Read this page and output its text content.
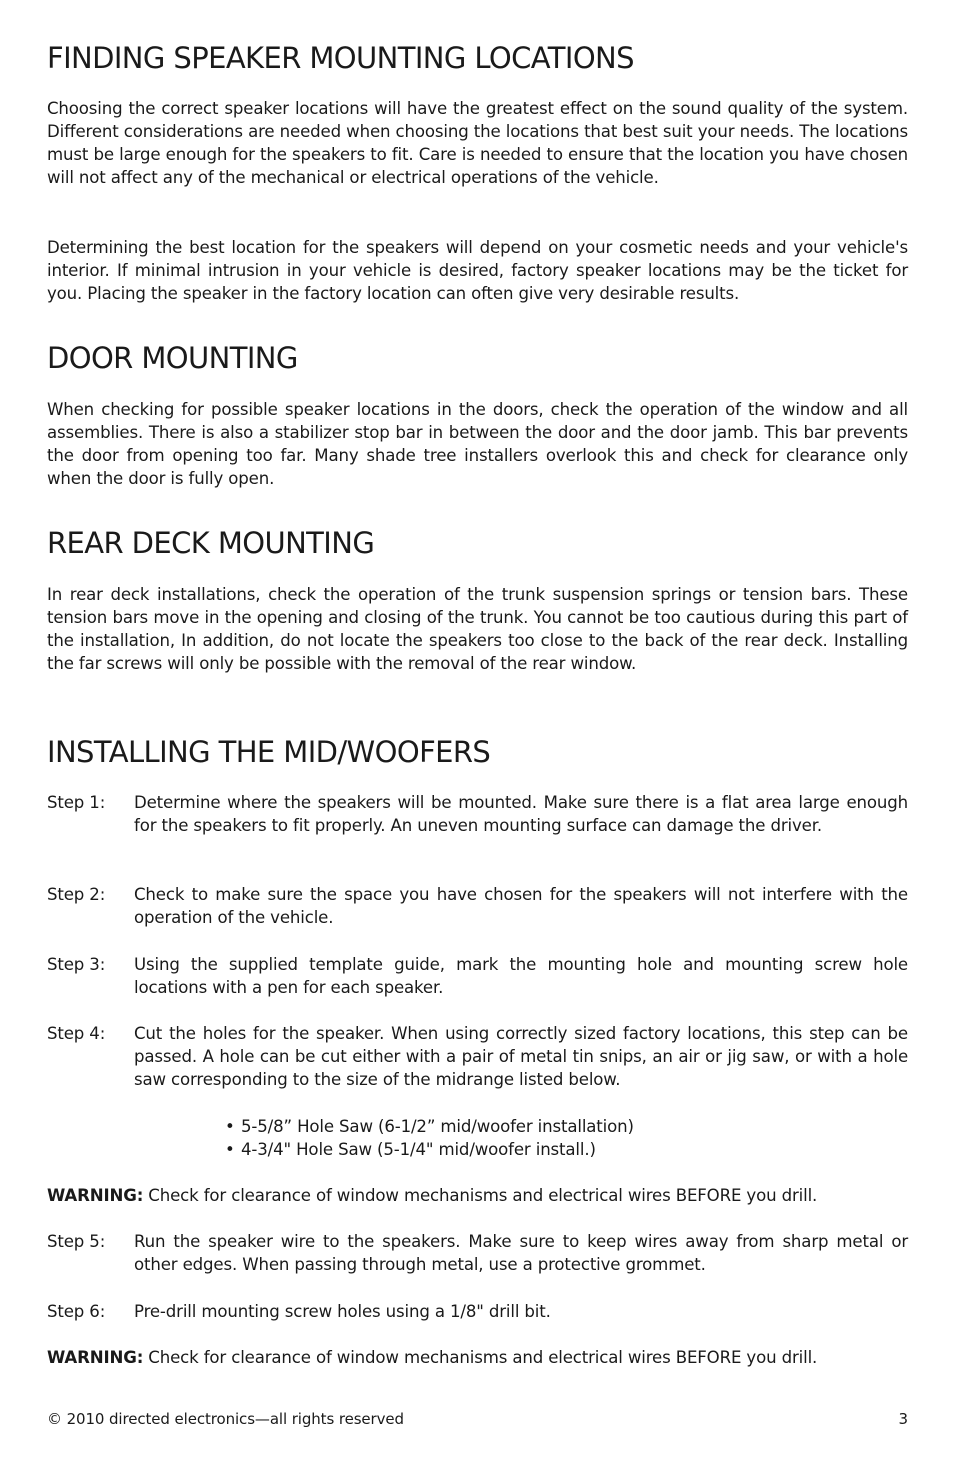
FINDING SPEAKER MOUNTING LOCATIONS

Choosing the correct speaker locations will have the greatest effect on the sound quality of the system. Different considerations are needed when choosing the locations that best suit your needs. The locations must be large enough for the speakers to fit. Care is needed to ensure that the location you have chosen will not affect any of the mechanical or electrical operations of the vehicle.

Determining the best location for the speakers will depend on your cosmetic needs and your vehicle's interior. If minimal intrusion in your vehicle is desired, factory speaker locations may be the ticket for you. Placing the speaker in the factory location can often give very desirable results.

DOOR MOUNTING

When checking for possible speaker locations in the doors, check the operation of the window and all assemblies. There is also a stabilizer stop bar in between the door and the door jamb. This bar prevents the door from opening too far. Many shade tree installers overlook this and check for clearance only when the door is fully open.

REAR DECK MOUNTING

In rear deck installations, check the operation of the trunk suspension springs or tension bars. These tension bars move in the opening and closing of the trunk. You cannot be too cautious during this part of the installation, In addition, do not locate the speakers too close to the back of the rear deck. Installing the far screws will only be possible with the removal of the rear window.

INSTALLING THE MID/WOOFERS
Step 1:	Determine where the speakers will be mounted. Make sure there is a flat area large enough for the speakers to fit properly. An uneven mounting surface can damage the driver.
Step 2:	Check to make sure the space you have chosen for the speakers will not interfere with the operation of the vehicle.
Step 3:	Using the supplied template guide, mark the mounting hole and mounting screw hole locations with a pen for each speaker.
Step 4:	Cut the holes for the speaker. When using correctly sized factory locations, this step can be passed. A hole can be cut either with a pair of metal tin snips, an air or jig saw, or with a hole saw corresponding to the size of the midrange listed below.
• 5-5/8” Hole Saw (6-1/2” mid/woofer installation)
• 4-3/4" Hole Saw (5-1/4" mid/woofer install.)
WARNING: Check for clearance of window mechanisms and electrical wires BEFORE you drill.
Step 5:	Run the speaker wire to the speakers. Make sure to keep wires away from sharp metal or other edges. When passing through metal, use a protective grommet.
Step 6:	Pre-drill mounting screw holes using a 1/8" drill bit.
WARNING: Check for clearance of window mechanisms and electrical wires BEFORE you drill.
© 2010 directed electronics—all rights reserved	3
